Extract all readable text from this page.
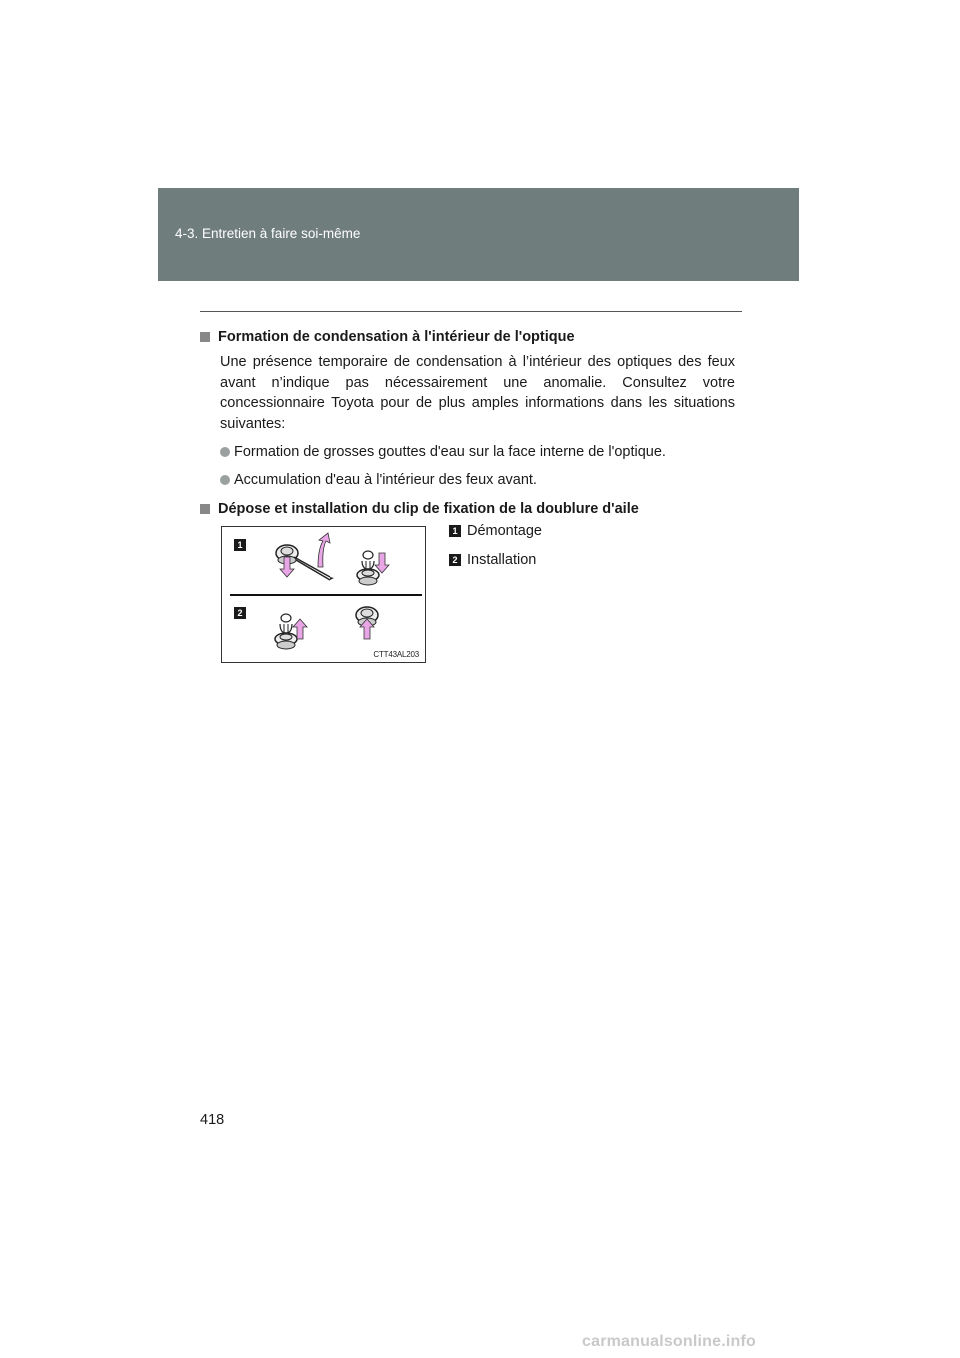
4-3. Entretien à faire soi-même
Formation de condensation à l'intérieur de l'optique

Une présence temporaire de condensation à l’intérieur des optiques des feux avant n’indique pas nécessairement une anomalie. Consultez votre concessionnaire Toyota pour de plus amples informations dans les situations suivantes:

Formation de grosses gouttes d'eau sur la face interne de l'optique.
Accumulation d'eau à l'intérieur des feux avant.
Dépose et installation du clip de fixation de la doublure d'aile
1
2
CTT43AL203
1 Démontage
2 Installation
418
carmanualsonline.info
